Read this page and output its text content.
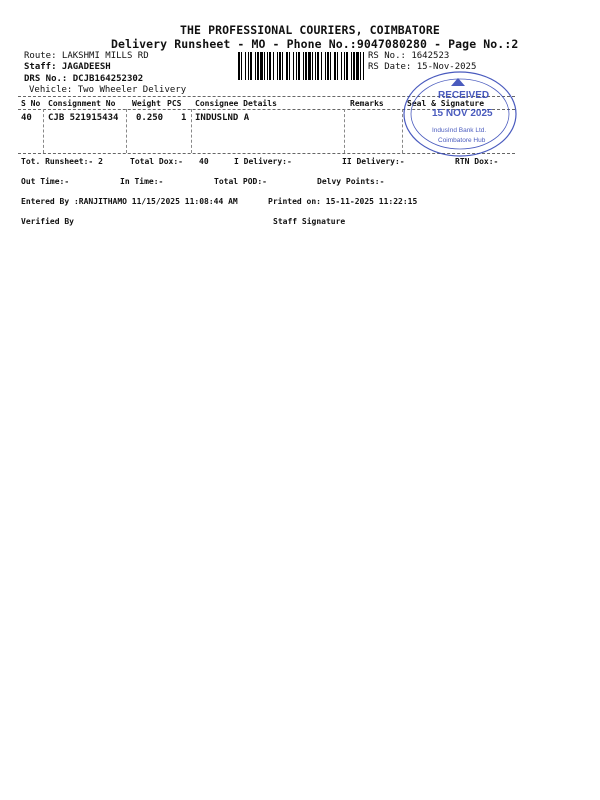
THE PROFESSIONAL COURIERS, COIMBATORE
Delivery Runsheet - MO - Phone No.:9047080280 - Page No.:2
Route: LAKSHMI MILLS RD
Staff: JAGADEESH
DRS No.: DCJB164252302
Vehicle: Two Wheeler Delivery
RS No.: 1642523
RS Date: 15-Nov-2025
S No Consignment No Weight PCS Consignee Details	Remarks	Seal & Signature
40 CJB 521915434 0.250 1 INDUSLND A
RECEIVED
15 NOV 2025
IndusInd Bank Ltd.
Coimbatore Hub
Tot. Runsheet:- 2	Total Dox:- 40	I Delivery:-	II Delivery:-	RTN Dox:-
Out Time:-	In Time:-	Total POD:-	Delvy Points:-
Entered By :RANJITHAMO 11/15/2025 11:08:44 AM	Printed on: 15-11-2025 11:22:15
Verified By	Staff Signature
